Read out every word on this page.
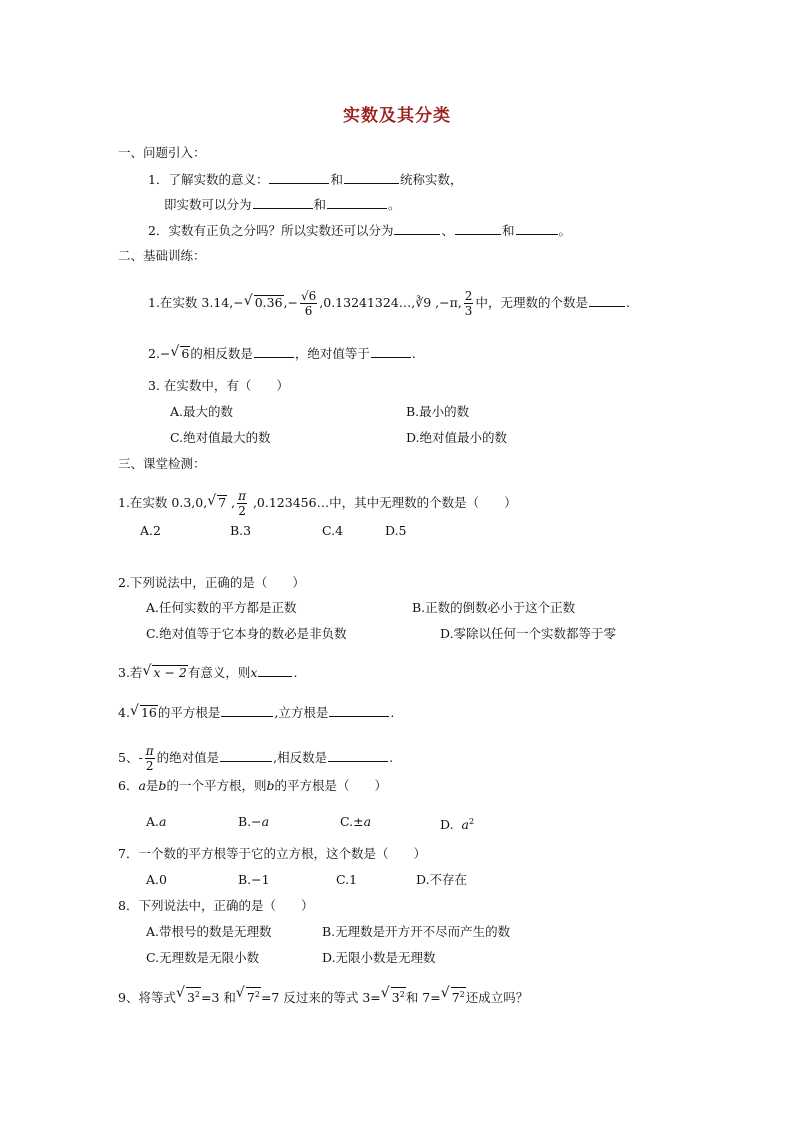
实数及其分类
一、问题引入：
1．了解实数的意义：	和	统称实数，
即实数可以分为	和	。
2．实数有正负之分吗？所以实数还可以分为	、	和	。
二、基础训练：
1.在实数 3.14,− √ $0.36,- \frac{√6}{6}$ ,0.13241324…,∛9 ,−π, $\frac{2}{3}$ 中，无理数的个数是	.
2.− √ 6的相反数是	，绝对值等于	.
3. 在实数中，有（　　）
A.最大的数	B.最小的数
C.绝对值最大的数	D.绝对值最小的数
三、课堂检测：
1.在实数 0.3,0, √ 7 , $\frac{\pi}{2}$ ,0.123456…中，其中无理数的个数是（　　）
A.2	B.3	C.4	D.5
2.下列说法中，正确的是（　　）
A.任何实数的平方都是正数	B.正数的倒数必小于这个正数
C.绝对值等于它本身的数必是非负数	D.零除以任何一个实数都等于零
3.若 √ x − 2有意义，则x	.
4. √ 16的平方根是	,立方根是	.
5、- $\frac{\pi}{2}$ 的绝对值是	,相反数是	.
6．a是b的一个平方根，则b的平方根是（　　）
A.a	B.−a	C.±a	D. $a^2$
7．一个数的平方根等于它的立方根，这个数是（　　）
A.0	B.−1	C.1	D.不存在
8．下列说法中，正确的是（　　）
A.带根号的数是无理数	B.无理数是开方开不尽而产生的数
C.无理数是无限小数	D.无限小数是无理数
9、将等式 √ $3^2=3$ 和 √ $7^2=7$ 反过来的等式 3= √ $3^2$和 7= √ $7^2$还成立吗？
